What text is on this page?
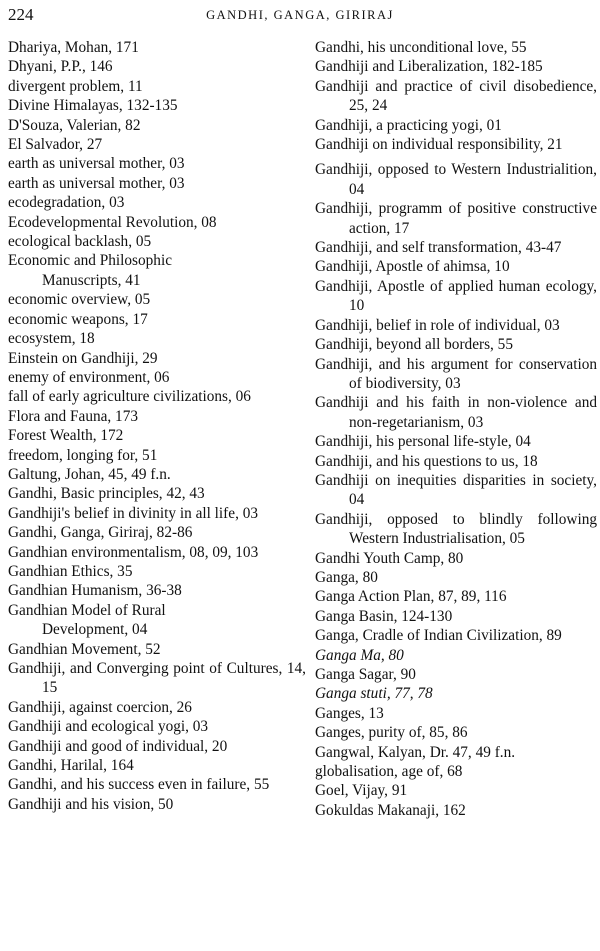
224	GANDHI, GANGA, GIRIRAJ
Dhariya, Mohan, 171
Dhyani, P.P., 146
divergent problem, 11
Divine Himalayas, 132-135
D'Souza, Valerian, 82
El Salvador, 27
earth as universal mother, 03
earth as universal mother, 03
ecodegradation, 03
Ecodevelopmental Revolution, 08
ecological backlash, 05
Economic and Philosophic Manuscripts, 41
economic overview, 05
economic weapons, 17
ecosystem, 18
Einstein on Gandhiji, 29
enemy of environment, 06
fall of early agriculture civilizations, 06
Flora and Fauna, 173
Forest Wealth, 172
freedom, longing for, 51
Galtung, Johan, 45, 49 f.n.
Gandhi, Basic principles, 42, 43
Gandhiji's belief in divinity in all life, 03
Gandhi, Ganga, Giriraj, 82-86
Gandhian environmentalism, 08, 09, 103
Gandhian Ethics, 35
Gandhian Humanism, 36-38
Gandhian Model of Rural Development, 04
Gandhian Movement, 52
Gandhiji, and Converging point of Cultures, 14, 15
Gandhiji, against coercion, 26
Gandhiji and ecological yogi, 03
Gandhiji and good of individual, 20
Gandhi, Harilal, 164
Gandhi, and his success even in failure, 55
Gandhiji and his vision, 50
Gandhi, his unconditional love, 55
Gandhiji and Liberalization, 182-185
Gandhiji and practice of civil disobedience, 25, 24
Gandhiji, a practicing yogi, 01
Gandhiji on individual responsibility, 21
Gandhiji, opposed to Western Industrialition, 04
Gandhiji, programm of positive constructive action, 17
Gandhiji, and self transformation, 43-47
Gandhiji, Apostle of ahimsa, 10
Gandhiji, Apostle of applied human ecology, 10
Gandhiji, belief in role of individual, 03
Gandhiji, beyond all borders, 55
Gandhiji, and his argument for conservation of biodiversity, 03
Gandhiji and his faith in non-violence and non-regetarianism, 03
Gandhiji, his personal life-style, 04
Gandhiji, and his questions to us, 18
Gandhiji on inequities disparities in society, 04
Gandhiji, opposed to blindly following Western Industrialisation, 05
Gandhi Youth Camp, 80
Ganga, 80
Ganga Action Plan, 87, 89, 116
Ganga Basin, 124-130
Ganga, Cradle of Indian Civilization, 89
Ganga Ma, 80
Ganga Sagar, 90
Ganga stuti, 77, 78
Ganges, 13
Ganges, purity of, 85, 86
Gangwal, Kalyan, Dr. 47, 49 f.n.
globalisation, age of, 68
Goel, Vijay, 91
Gokuldas Makanaji, 162
